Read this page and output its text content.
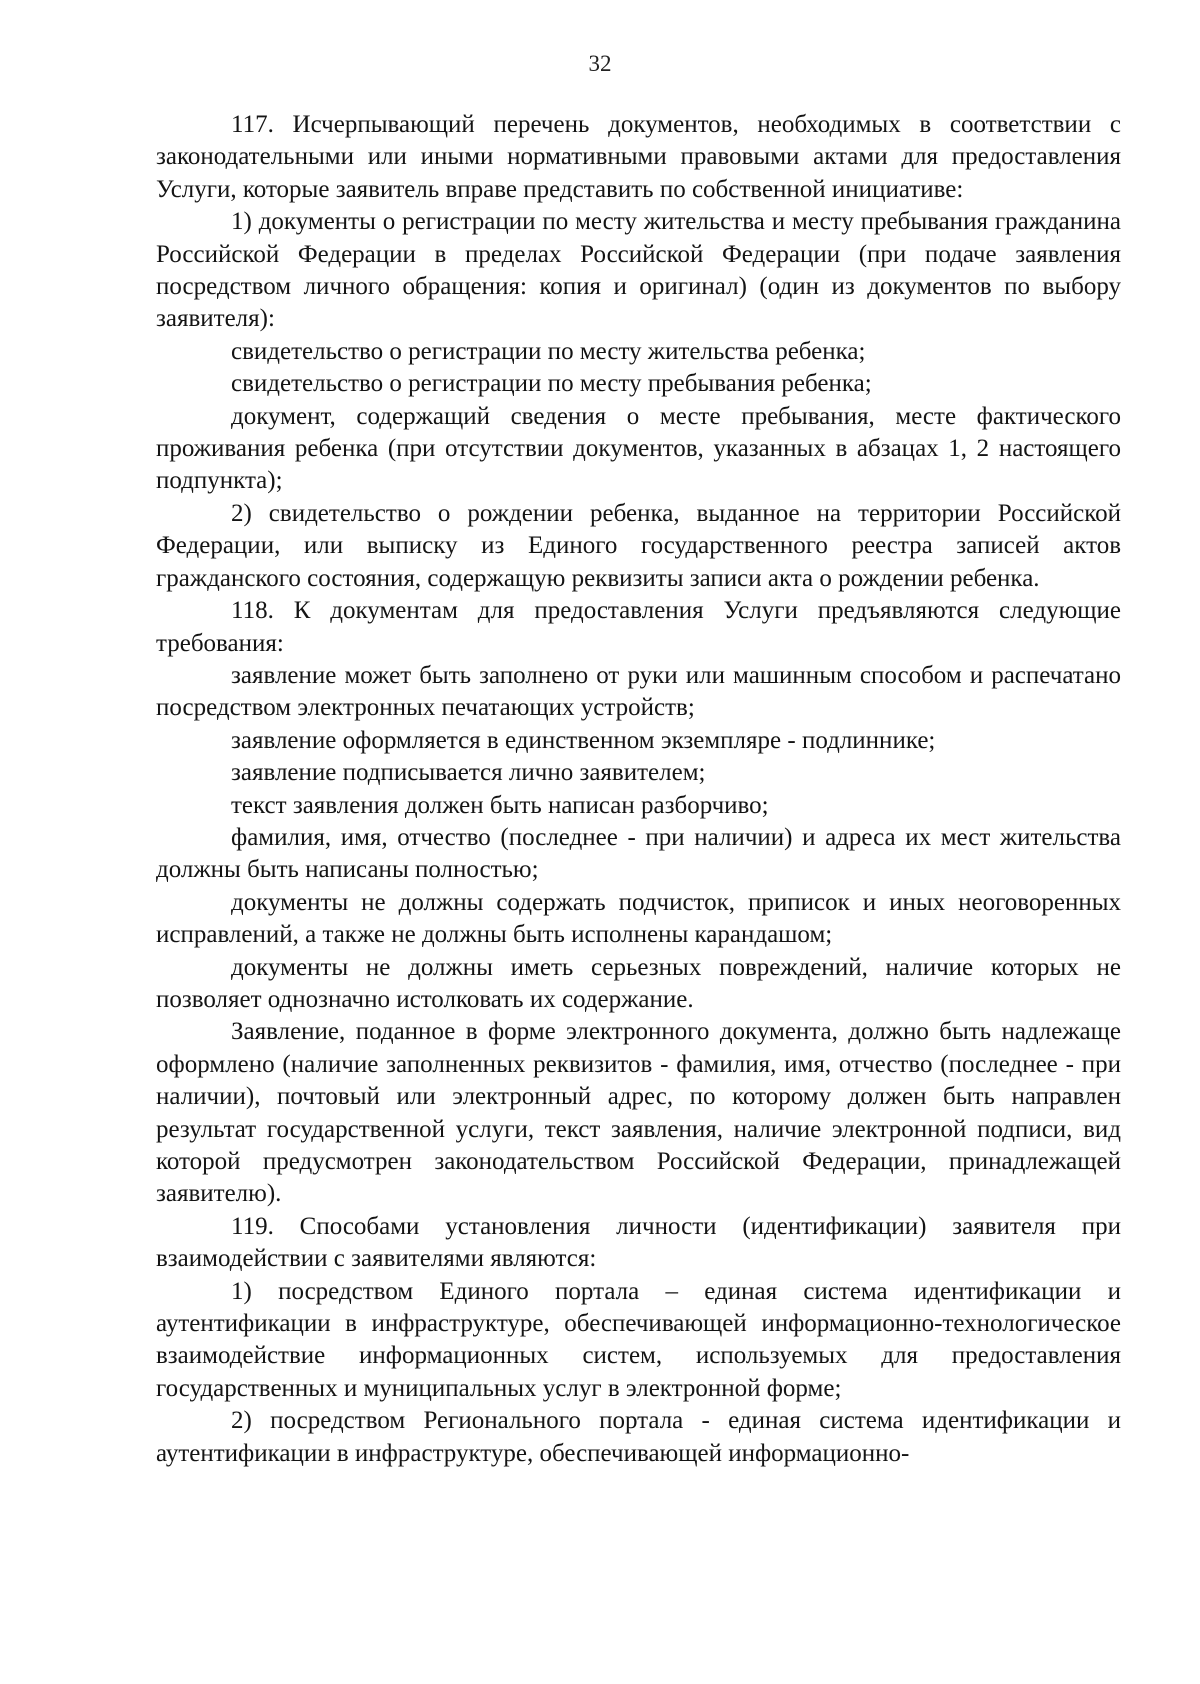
32

117. Исчерпывающий перечень документов, необходимых в соответствии с законодательными или иными нормативными правовыми актами для предоставления Услуги, которые заявитель вправе представить по собственной инициативе:

1) документы о регистрации по месту жительства и месту пребывания гражданина Российской Федерации в пределах Российской Федерации (при подаче заявления посредством личного обращения: копия и оригинал) (один из документов по выбору заявителя):

свидетельство о регистрации по месту жительства ребенка;

свидетельство о регистрации по месту пребывания ребенка;

документ, содержащий сведения о месте пребывания, месте фактического проживания ребенка (при отсутствии документов, указанных в абзацах 1, 2 настоящего подпункта);

2) свидетельство о рождении ребенка, выданное на территории Российской Федерации, или выписку из Единого государственного реестра записей актов гражданского состояния, содержащую реквизиты записи акта о рождении ребенка.

118. К документам для предоставления Услуги предъявляются следующие требования:

заявление может быть заполнено от руки или машинным способом и распечатано посредством электронных печатающих устройств;

заявление оформляется в единственном экземпляре - подлиннике;

заявление подписывается лично заявителем;

текст заявления должен быть написан разборчиво;

фамилия, имя, отчество (последнее - при наличии) и адреса их мест жительства должны быть написаны полностью;

документы не должны содержать подчисток, приписок и иных неоговоренных исправлений, а также не должны быть исполнены карандашом;

документы не должны иметь серьезных повреждений, наличие которых не позволяет однозначно истолковать их содержание.

Заявление, поданное в форме электронного документа, должно быть надлежаще оформлено (наличие заполненных реквизитов - фамилия, имя, отчество (последнее - при наличии), почтовый или электронный адрес, по которому должен быть направлен результат государственной услуги, текст заявления, наличие электронной подписи, вид которой предусмотрен законодательством Российской Федерации, принадлежащей заявителю).

119. Способами установления личности (идентификации) заявителя при взаимодействии с заявителями являются:

1) посредством Единого портала – единая система идентификации и аутентификации в инфраструктуре, обеспечивающей информационно-технологическое взаимодействие информационных систем, используемых для предоставления государственных и муниципальных услуг в электронной форме;

2) посредством Регионального портала - единая система идентификации и аутентификации в инфраструктуре, обеспечивающей информационно-
